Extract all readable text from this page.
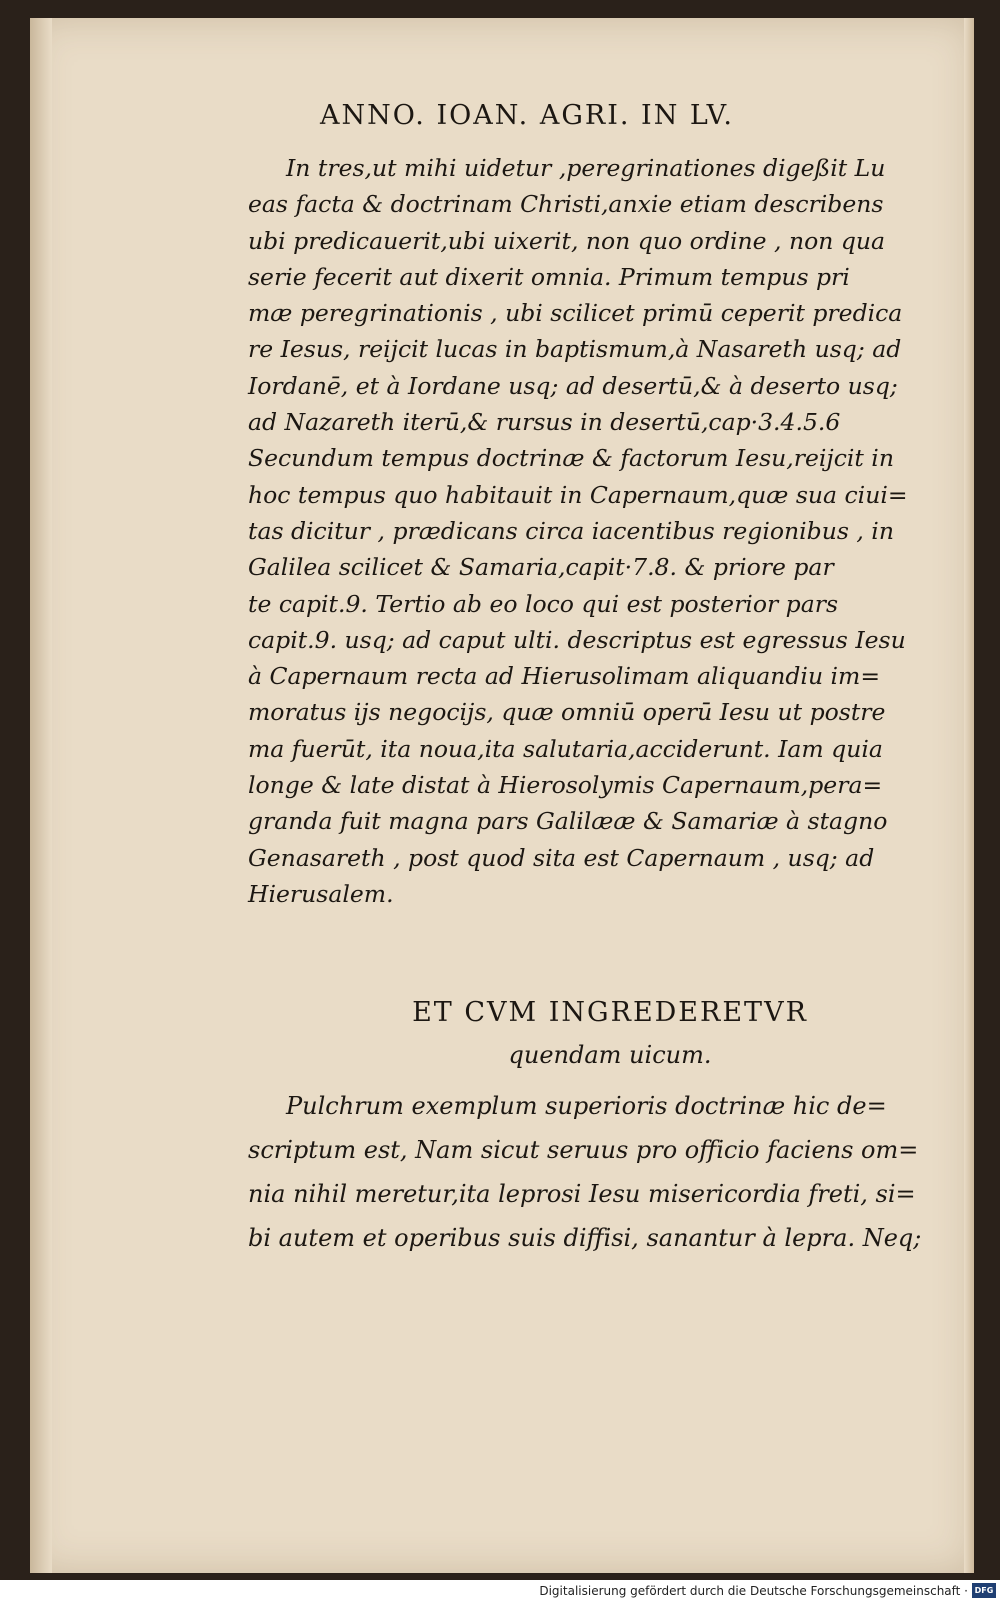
ANNO. IOAN. AGRI. IN LV.
In tres,ut mihi uidetur ,peregrinationes digeßit Lu
eas facta & doctrinam Christi,anxie etiam describens
ubi predicauerit,ubi uixerit, non quo ordine , non qua
serie fecerit aut dixerit omnia. Primum tempus pri
mæ peregrinationis , ubi scilicet primū ceperit predica
re Iesus, reijcit lucas in baptismum,à Nasareth usq; ad
Iordanē, et à Iordane usq; ad desertū,& à deserto usq;
ad Nazareth iterū,& rursus in desertū,cap·3.4.5.6
Secundum tempus doctrinæ & factorum Iesu,reijcit in
hoc tempus quo habitauit in Capernaum,quæ sua ciui=
tas dicitur , prædicans circa iacentibus regionibus , in
Galilea scilicet & Samaria,capit·7.8. & priore par
te capit.9. Tertio ab eo loco qui est posterior pars
capit.9. usq; ad caput ulti. descriptus est egressus Iesu
à Capernaum recta ad Hierusolimam aliquandiu im=
moratus ijs negocijs, quæ omniū operū Iesu ut postre
ma fuerūt, ita noua,ita salutaria,acciderunt. Iam quia
longe & late distat à Hierosolymis Capernaum,pera=
granda fuit magna pars Galilææ & Samariæ à stagno
Genasareth , post quod sita est Capernaum , usq; ad
Hierusalem.
ET CVM INGREDERETVR
quendam uicum.
Pulchrum exemplum superioris doctrinæ hic de=
scriptum est, Nam sicut seruus pro officio faciens om=
nia nihil meretur,ita leprosi Iesu misericordia freti, si=
bi autem et operibus suis diffisi, sanantur à lepra. Neq;
Digitalisierung gefördert durch die Deutsche Forschungsgemeinschaft · DFG
